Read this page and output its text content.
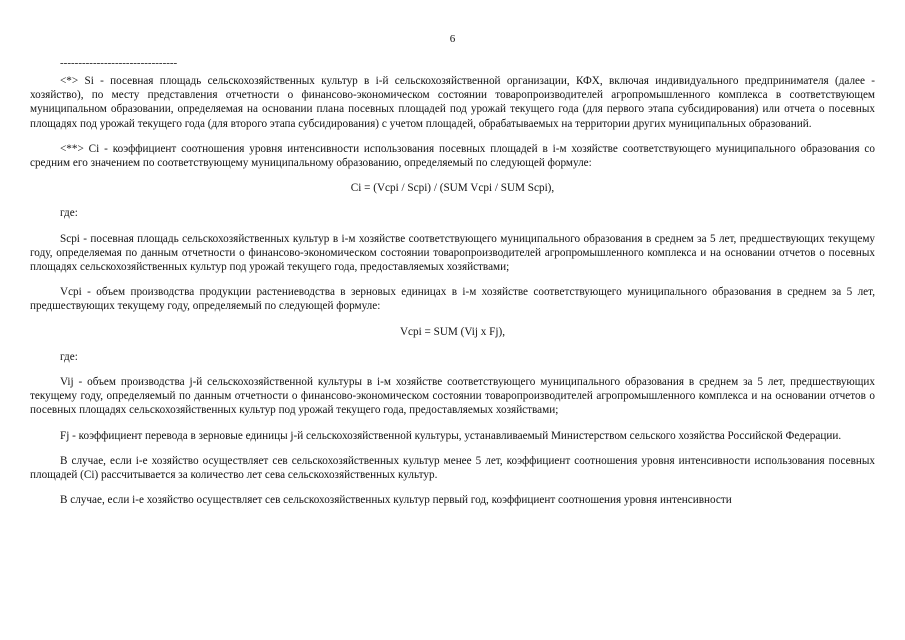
6
--------------------------------

<*> Si - посевная площадь сельскохозяйственных культур в i-й сельскохозяйственной организации, КФХ, включая индивидуального предпринимателя (далее - хозяйство), по месту представления отчетности о финансово-экономическом состоянии товаропроизводителей агропромышленного комплекса в соответствующем муниципальном образовании, определяемая на основании плана посевных площадей под урожай текущего года (для первого этапа субсидирования) или отчета о посевных площадях под урожай текущего года (для второго этапа субсидирования) с учетом площадей, обрабатываемых на территории других муниципальных образований.

<**> Ci - коэффициент соотношения уровня интенсивности использования посевных площадей в i-м хозяйстве соответствующего муниципального образования со средним его значением по соответствующему муниципальному образованию, определяемый по следующей формуле:

Ci = (Vcpi / Scpi) / (SUM Vcpi / SUM Scpi),

где:

Scpi - посевная площадь сельскохозяйственных культур в i-м хозяйстве соответствующего муниципального образования в среднем за 5 лет, предшествующих текущему году, определяемая по данным отчетности о финансово-экономическом состоянии товаропроизводителей агропромышленного комплекса и на основании отчетов о посевных площадях сельскохозяйственных культур под урожай текущего года, предоставляемых хозяйствами;

Vcpi - объем производства продукции растениеводства в зерновых единицах в i-м хозяйстве соответствующего муниципального образования в среднем за 5 лет, предшествующих текущему году, определяемый по следующей формуле:

Vcpi = SUM (Vij x Fj),

где:

Vij - объем производства j-й сельскохозяйственной культуры в i-м хозяйстве соответствующего муниципального образования в среднем за 5 лет, предшествующих текущему году, определяемый по данным отчетности о финансово-экономическом состоянии товаропроизводителей агропромышленного комплекса и на основании отчетов о посевных площадях сельскохозяйственных культур под урожай текущего года, предоставляемых хозяйствами;

Fj - коэффициент перевода в зерновые единицы j-й сельскохозяйственной культуры, устанавливаемый Министерством сельского хозяйства Российской Федерации.

В случае, если i-е хозяйство осуществляет сев сельскохозяйственных культур менее 5 лет, коэффициент соотношения уровня интенсивности использования посевных площадей (Ci) рассчитывается за количество лет сева сельскохозяйственных культур.

В случае, если i-е хозяйство осуществляет сев сельскохозяйственных культур первый год, коэффициент соотношения уровня интенсивности
